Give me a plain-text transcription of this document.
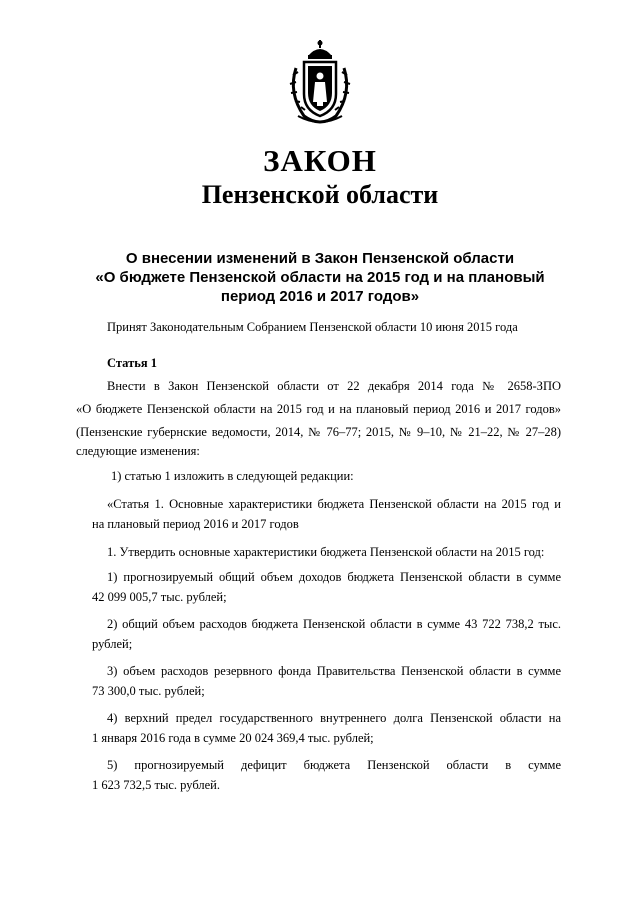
ЗАКОН
Пензенской области
О внесении изменений в Закон Пензенской области
«О бюджете Пензенской области на 2015 год и на плановый
период 2016 и 2017 годов»
Принят Законодательным Собранием Пензенской области 10 июня 2015 года
Статья 1
Внести в Закон Пензенской области от 22 декабря 2014 года № 2658-ЗПО
«О бюджете Пензенской области на 2015 год и на плановый период 2016 и 2017 годов»
(Пензенские губернские ведомости, 2014, № 76–77; 2015, № 9–10, № 21–22, № 27–28)
следующие изменения:
1) статью 1 изложить в следующей редакции:
«Статья 1. Основные характеристики бюджета Пензенской области на 2015 год и
на плановый период 2016 и 2017 годов
1. Утвердить основные характеристики бюджета Пензенской области на 2015 год:
1) прогнозируемый общий объем доходов бюджета Пензенской области в сумме
42 099 005,7 тыс. рублей;
2) общий объем расходов бюджета Пензенской области в сумме 43 722 738,2 тыс.
рублей;
3) объем расходов резервного фонда Правительства Пензенской области в сумме
73 300,0 тыс. рублей;
4) верхний предел государственного внутреннего долга Пензенской области на
1 января 2016 года в сумме 20 024 369,4 тыс. рублей;
5) прогнозируемый дефицит бюджета Пензенской области в сумме
1 623 732,5 тыс. рублей.
